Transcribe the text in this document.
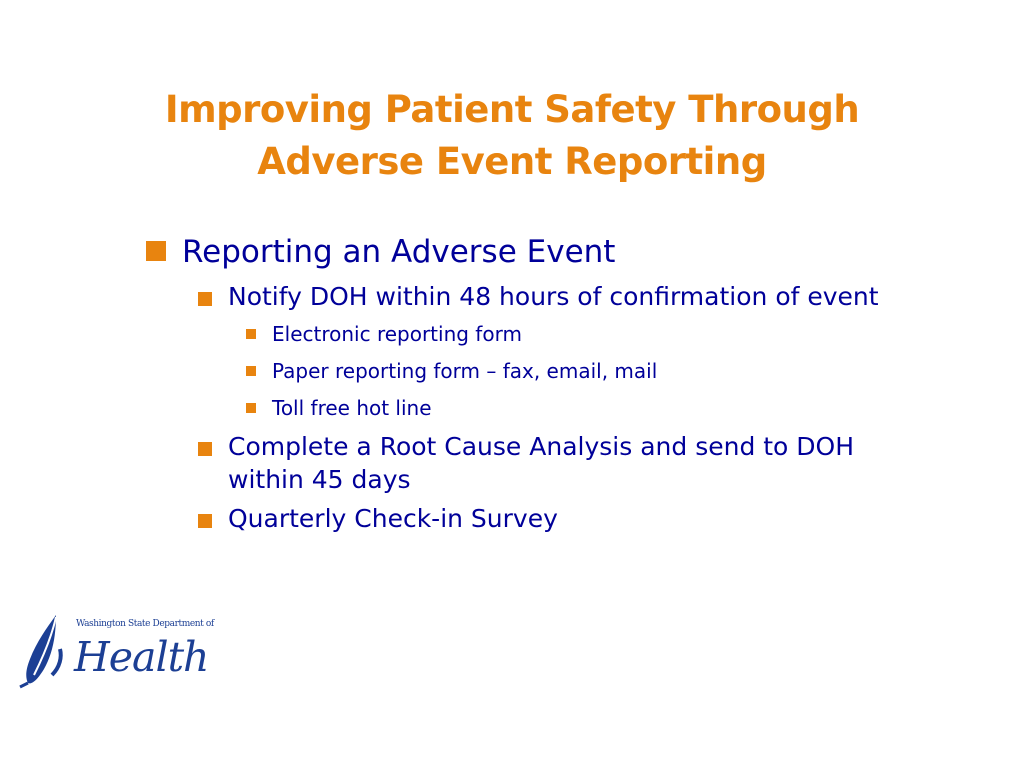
Improving Patient Safety Through
Adverse Event Reporting
Reporting an Adverse Event
Notify DOH within 48 hours of confirmation of event
Electronic reporting form
Paper reporting form – fax, email, mail
Toll free hot line
Complete a Root Cause Analysis and send to DOH within 45 days
Quarterly Check-in Survey
Washington State Department of
Health
